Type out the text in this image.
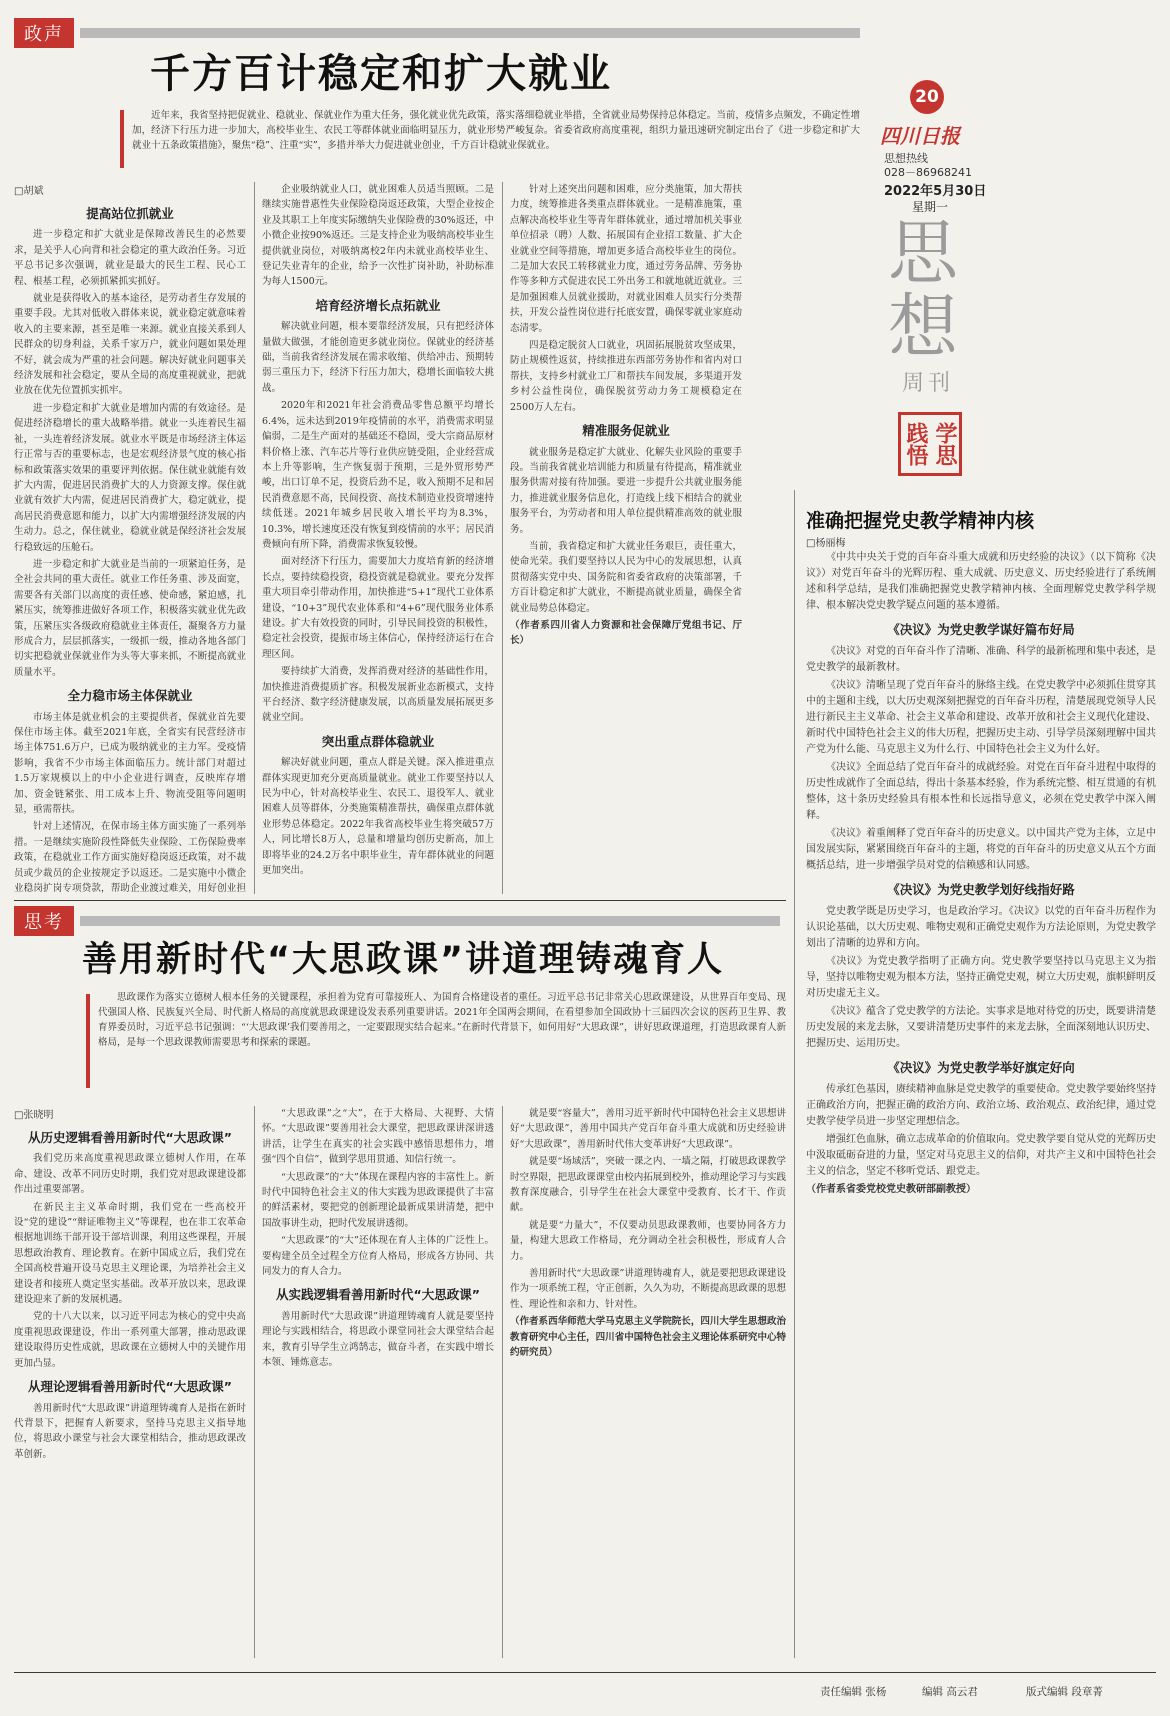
政声
千方百计稳定和扩大就业
近年来，我省坚持把促就业、稳就业、保就业作为重大任务，强化就业优先政策，落实落细稳就业举措，全省就业局势保持总体稳定。当前，疫情多点频发，不确定性增加，经济下行压力进一步加大，高校毕业生、农民工等群体就业面临明显压力，就业形势严峻复杂。省委省政府高度重视，组织力量迅速研究制定出台了《进一步稳定和扩大就业十五条政策措施》，聚焦“稳”、注重“实”，多措并举大力促进就业创业，千方百计稳就业保就业。
□胡斌
提高站位抓就业

进一步稳定和扩大就业是保障改善民生的必然要求，是关乎人心向背和社会稳定的重大政治任务。习近平总书记多次强调，就业是最大的民生工程、民心工程、根基工程，必须抓紧抓实抓好。

就业是获得收入的基本途径，是劳动者生存发展的重要手段。尤其对低收入群体来说，就业稳定就意味着收入的主要来源，甚至是唯一来源。就业直接关系到人民群众的切身利益，关系千家万户，就业问题如果处理不好，就会成为严重的社会问题。解决好就业问题事关经济发展和社会稳定，要从全局的高度重视就业，把就业放在优先位置抓实抓牢。

进一步稳定和扩大就业是增加内需的有效途径。是促进经济稳增长的重大战略举措。就业一头连着民生福祉，一头连着经济发展。就业水平既是市场经济主体运行正常与否的重要标志，也是宏观经济景气度的核心指标和政策落实效果的重要评判依据。保住就业就能有效扩大内需，促进居民消费扩大的人力资源支撑。保住就业就有效扩大内需，促进居民消费扩大，稳定就业，提高居民消费意愿和能力，以扩大内需增强经济发展的内生动力。总之，保住就业，稳就业就是保经济社会发展行稳致远的压舱石。

进一步稳定和扩大就业是当前的一项紧迫任务，是全社会共同的重大责任。就业工作任务重、涉及面宽，需要各有关部门以高度的责任感、使命感，紧迫感，扎紧压实，统筹推进做好各项工作，积极落实就业优先政策，压紧压实各级政府稳就业主体责任，凝聚各方力量形成合力，层层抓落实，一级抓一级，推动各地各部门切实把稳就业保就业作为头等大事来抓，不断提高就业质量水平。

全力稳市场主体保就业

市场主体是就业机会的主要提供者，保就业首先要保住市场主体。截至2021年底，全省实有民营经济市场主体751.6万户，已成为吸纳就业的主力军。受疫情影响，我省不少市场主体面临压力。统计部门对超过1.5万家规模以上的中小企业进行调查，反映库存增加、资金链紧张、用工成本上升、物流受阻等问题明显，亟需帮扶。

针对上述情况，在保市场主体方面实施了一系列举措。一是继续实施阶段性降低失业保险、工伤保险费率政策，在稳就业工作方面实施好稳岗返还政策，对不裁员或少裁员的企业按规定予以返还。二是实施中小微企业稳岗扩岗专项贷款，帮助企业渡过难关，用好创业担

企业吸纳就业人口，就业困难人员适当照顾。二是继续实施普惠性失业保险稳岗返还政策，大型企业按企业及其职工上年度实际缴纳失业保险费的30%返还，中小微企业按90%返还。三是支持企业为吸纳高校毕业生提供就业岗位，对吸纳离校2年内未就业高校毕业生、登记失业青年的企业，给予一次性扩岗补助，补助标准为每人1500元。

培育经济增长点拓就业

解决就业问题，根本要靠经济发展，只有把经济体量做大做强，才能创造更多就业岗位。保就业的经济基础，当前我省经济发展在需求收缩、供给冲击、预期转弱三重压力下，经济下行压力加大，稳增长面临较大挑战。

2020年和2021年社会消费品零售总额平均增长6.4%，远未达到2019年疫情前的水平，消费需求明显偏弱，二是生产面对的基础还不稳固，受大宗商品原材料价格上涨、汽车芯片等行业供应链受阻，企业经营成本上升等影响，生产恢复弱于预期，三是外贸形势严峻，出口订单不足，投资后劲不足，收入预期不足和居民消费意愿不高，民间投资、高技术制造业投资增速持续低迷。2021年城乡居民收入增长平均为8.3%，10.3%，增长速度还没有恢复到疫情前的水平；居民消费倾向有所下降，消费需求恢复较慢。

面对经济下行压力，需要加大力度培育新的经济增长点，要持续稳投资，稳投资就是稳就业。要充分发挥重大项目牵引带动作用，加快推进“5+1”现代工业体系建设，“10+3”现代农业体系和“4+6”现代服务业体系建设。扩大有效投资的同时，引导民间投资的积极性，稳定社会投资，提振市场主体信心，保持经济运行在合理区间。

要持续扩大消费，发挥消费对经济的基础性作用，加快推进消费提质扩容。积极发展新业态新模式，支持平台经济、数字经济健康发展，以高质量发展拓展更多就业空间。

突出重点群体稳就业

解决好就业问题，重点人群是关键。深入推进重点群体实现更加充分更高质量就业。就业工作要坚持以人民为中心，针对高校毕业生、农民工、退役军人、就业困难人员等群体，分类施策精准帮扶，确保重点群体就业形势总体稳定。2022年我省高校毕业生将突破57万人，同比增长8万人，总量和增量均创历史新高，加上即将毕业的24.2万名中职毕业生，青年群体就业的问题更加突出。

针对上述突出问题和困难，应分类施策，加大帮扶力度，统筹推进各类重点群体就业。一是精准施策，重点解决高校毕业生等青年群体就业，通过增加机关事业单位招录（聘）人数、拓展国有企业招工数量、扩大企业就业空间等措施，增加更多适合高校毕业生的岗位。二是加大农民工转移就业力度，通过劳务品牌、劳务协作等多种方式促进农民工外出务工和就地就近就业。三是加强困难人员就业援助，对就业困难人员实行分类帮扶，开发公益性岗位进行托底安置，确保零就业家庭动态清零。

四是稳定脱贫人口就业，巩固拓展脱贫攻坚成果，防止规模性返贫，持续推进东西部劳务协作和省内对口帮扶，支持乡村就业工厂和帮扶车间发展，多渠道开发乡村公益性岗位，确保脱贫劳动力务工规模稳定在2500万人左右。

精准服务促就业

就业服务是稳定扩大就业、化解失业风险的重要手段。当前我省就业培训能力和质量有待提高，精准就业服务供需对接有待加强。要进一步提升公共就业服务能力，推进就业服务信息化，打造线上线下相结合的就业服务平台，为劳动者和用人单位提供精准高效的就业服务。

当前，我省稳定和扩大就业任务艰巨，责任重大，使命光荣。我们要坚持以人民为中心的发展思想，认真贯彻落实党中央、国务院和省委省政府的决策部署，千方百计稳定和扩大就业，不断提高就业质量，确保全省就业局势总体稳定。

（作者系四川省人力资源和社会保障厅党组书记、厅长）

20
四川日报
思想热线
028－86968241
2022年5月30日
星期一
思
想
周刊
学思践悟
准确把握党史教学精神内核
□杨丽梅

《中共中央关于党的百年奋斗重大成就和历史经验的决议》（以下简称《决议》）对党百年奋斗的光辉历程、重大成就、历史意义、历史经验进行了系统阐述和科学总结，是我们准确把握党史教学精神内核、全面理解党史教学科学规律、根本解决党史教学疑点问题的基本遵循。

《决议》为党史教学谋好篇布好局

《决议》对党的百年奋斗作了清晰、准确、科学的最新梳理和集中表述，是党史教学的最新教材。

《决议》清晰呈现了党百年奋斗的脉络主线。在党史教学中必须抓住贯穿其中的主题和主线，以大历史观深刻把握党的百年奋斗历程，清楚展现党领导人民进行新民主主义革命、社会主义革命和建设、改革开放和社会主义现代化建设、新时代中国特色社会主义的伟大历程，把握历史主动、引导学员深刻理解中国共产党为什么能、马克思主义为什么行、中国特色社会主义为什么好。

《决议》全面总结了党百年奋斗的成就经验。对党在百年奋斗进程中取得的历史性成就作了全面总结，得出十条基本经验，作为系统完整、相互贯通的有机整体，这十条历史经验具有根本性和长远指导意义，必须在党史教学中深入阐释。

《决议》着重阐释了党百年奋斗的历史意义。以中国共产党为主体，立足中国发展实际，紧紧围绕百年奋斗的主题，将党的百年奋斗的历史意义从五个方面概括总结，进一步增强学员对党的信赖感和认同感。

《决议》为党史教学划好线指好路

党史教学既是历史学习，也是政治学习。《决议》以党的百年奋斗历程作为认识论基础，以大历史观、唯物史观和正确党史观作为方法论原则，为党史教学划出了清晰的边界和方向。

《决议》为党史教学指明了正确方向。党史教学要坚持以马克思主义为指导，坚持以唯物史观为根本方法，坚持正确党史观，树立大历史观，旗帜鲜明反对历史虚无主义。

《决议》蕴含了党史教学的方法论。实事求是地对待党的历史，既要讲清楚历史发展的来龙去脉，又要讲清楚历史事件的来龙去脉，全面深刻地认识历史、把握历史、运用历史。

《决议》为党史教学举好旗定好向

传承红色基因，赓续精神血脉是党史教学的重要使命。党史教学要始终坚持正确政治方向，把握正确的政治方向、政治立场、政治观点、政治纪律，通过党史教学使学员进一步坚定理想信念。

增强红色血脉，确立志成革命的价值取向。党史教学要自觉从党的光辉历史中汲取砥砺奋进的力量，坚定对马克思主义的信仰，对共产主义和中国特色社会主义的信念，坚定不移听党话、跟党走。

（作者系省委党校党史教研部副教授）

思考
善用新时代“大思政课”讲道理铸魂育人
思政课作为落实立德树人根本任务的关键课程，承担着为党育可靠接班人、为国育合格建设者的重任。习近平总书记非常关心思政课建设，从世界百年变局、现代强国人格、民族复兴全局、时代新人格局的高度就思政课建设发表系列重要讲话。2021年全国两会期间，在看望参加全国政协十三届四次会议的医药卫生界、教育界委员时，习近平总书记强调：“‘大思政课’我们要善用之，一定要跟现实结合起来。”在新时代背景下，如何用好“大思政课”，讲好思政课道理，打造思政课育人新格局，是每一个思政课教师需要思考和探索的课题。
□张晓明
从历史逻辑看善用新时代“大思政课”

我们党历来高度重视思政课立德树人作用，在革命、建设、改革不同历史时期，我们党对思政课建设都作出过重要部署。

在新民主主义革命时期，我们党在一些高校开设“党的建设”“辩证唯物主义”等课程，也在非工农革命根据地训练干部开设干部培训课，利用这些课程，开展思想政治教育、理论教育。在新中国成立后，我们党在全国高校普遍开设马克思主义理论课，为培养社会主义建设者和接班人奠定坚实基础。改革开放以来，思政课建设迎来了新的发展机遇。

党的十八大以来，以习近平同志为核心的党中央高度重视思政课建设，作出一系列重大部署，推动思政课建设取得历史性成就，思政课在立德树人中的关键作用更加凸显。

从理论逻辑看善用新时代“大思政课”

善用新时代“大思政课”讲道理铸魂育人是指在新时代背景下，把握育人新要求，坚持马克思主义指导地位，将思政小课堂与社会大课堂相结合，推动思政课改革创新。

“大思政课”之“大”，在于大格局、大视野、大情怀。“大思政课”要善用社会大课堂，把思政课讲深讲透讲活，让学生在真实的社会实践中感悟思想伟力，增强“四个自信”，做到学思用贯通、知信行统一。

“大思政课”的“大”体现在课程内容的丰富性上。新时代中国特色社会主义的伟大实践为思政课提供了丰富的鲜活素材，要把党的创新理论最新成果讲清楚，把中国故事讲生动，把时代发展讲透彻。

“大思政课”的“大”还体现在育人主体的广泛性上。要构建全员全过程全方位育人格局，形成各方协同、共同发力的育人合力。

从实践逻辑看善用新时代“大思政课”

善用新时代“大思政课”讲道理铸魂育人就是要坚持理论与实践相结合，将思政小课堂同社会大课堂结合起来，教育引导学生立鸿鹄志，做奋斗者，在实践中增长本领、锤炼意志。

就是要“容量大”，善用习近平新时代中国特色社会主义思想讲好“大思政课”，善用中国共产党百年奋斗重大成就和历史经验讲好“大思政课”，善用新时代伟大变革讲好“大思政课”。

就是要“场域活”，突破一课之内、一墙之隔，打破思政课教学时空界限，把思政课课堂由校内拓展到校外，推动理论学习与实践教育深度融合，引导学生在社会大课堂中受教育、长才干、作贡献。

就是要“力量大”，不仅要动员思政课教师，也要协同各方力量，构建大思政工作格局，充分调动全社会积极性，形成育人合力。

善用新时代“大思政课”讲道理铸魂育人，就是要把思政课建设作为一项系统工程，守正创新，久久为功，不断提高思政课的思想性、理论性和亲和力、针对性。

（作者系西华师范大学马克思主义学院院长，四川大学生思想政治教育研究中心主任，四川省中国特色社会主义理论体系研究中心特约研究员）

责任编辑 张杨	编辑 高云君	版式编辑 段章菁
